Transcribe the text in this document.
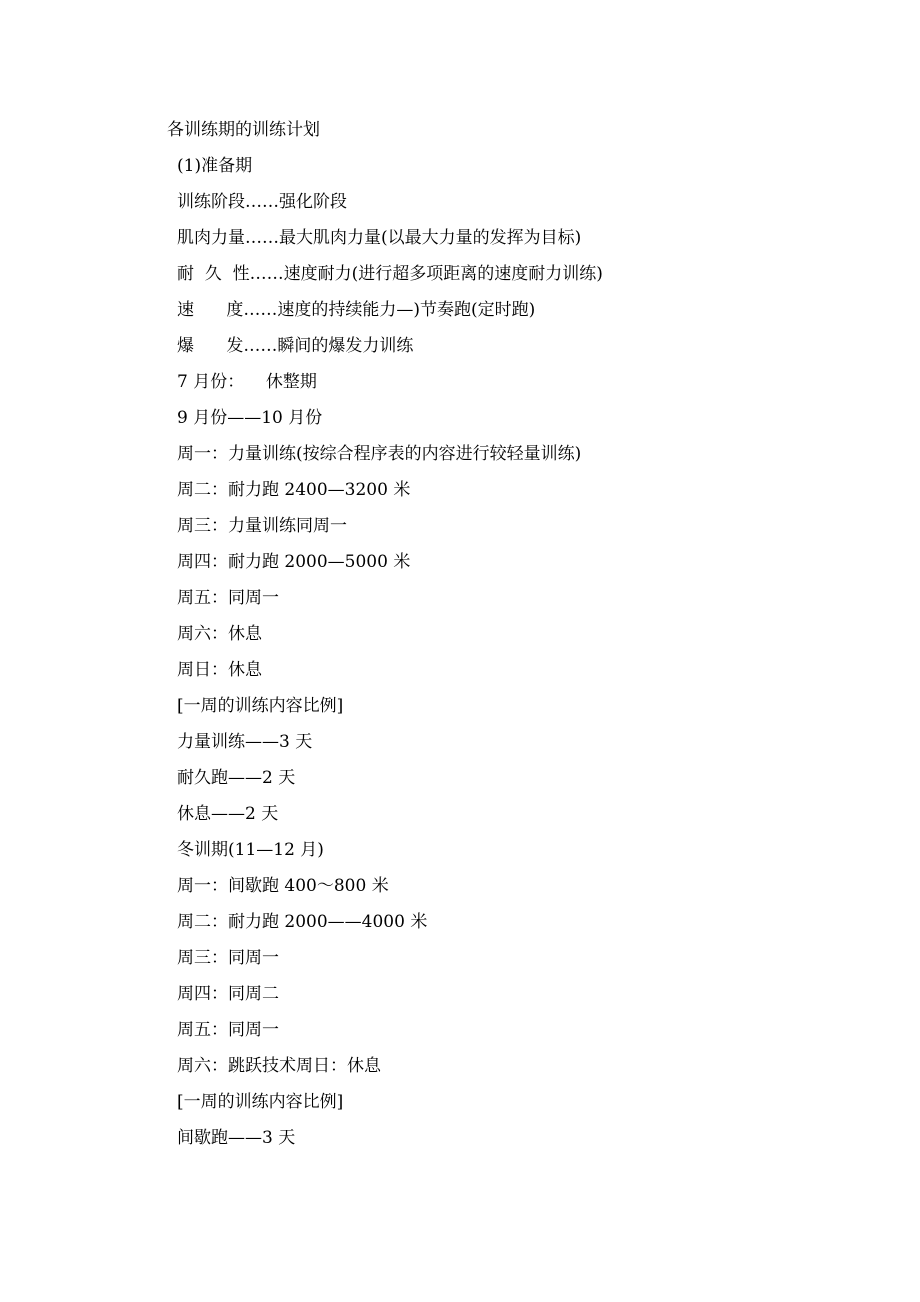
各训练期的训练计划
(1)准备期
训练阶段……强化阶段
肌肉力量……最大肌肉力量(以最大力量的发挥为目标)
耐  久  性……速度耐力(进行超多项距离的速度耐力训练)
速      度……速度的持续能力—)节奏跑(定时跑)
爆      发……瞬间的爆发力训练
7 月份：    休整期
9 月份——10 月份
周一：力量训练(按综合程序表的内容进行较轻量训练)
周二：耐力跑 2400—3200 米
周三：力量训练同周一
周四：耐力跑 2000—5000 米
周五：同周一
周六：休息
周日：休息
[一周的训练内容比例]
力量训练——3 天
耐久跑——2 天
休息——2 天
冬训期(11—12 月)
周一：间歇跑 400～800 米
周二：耐力跑 2000——4000 米
周三：同周一
周四：同周二
周五：同周一
周六：跳跃技术周日：休息
[一周的训练内容比例]
间歇跑——3 天
